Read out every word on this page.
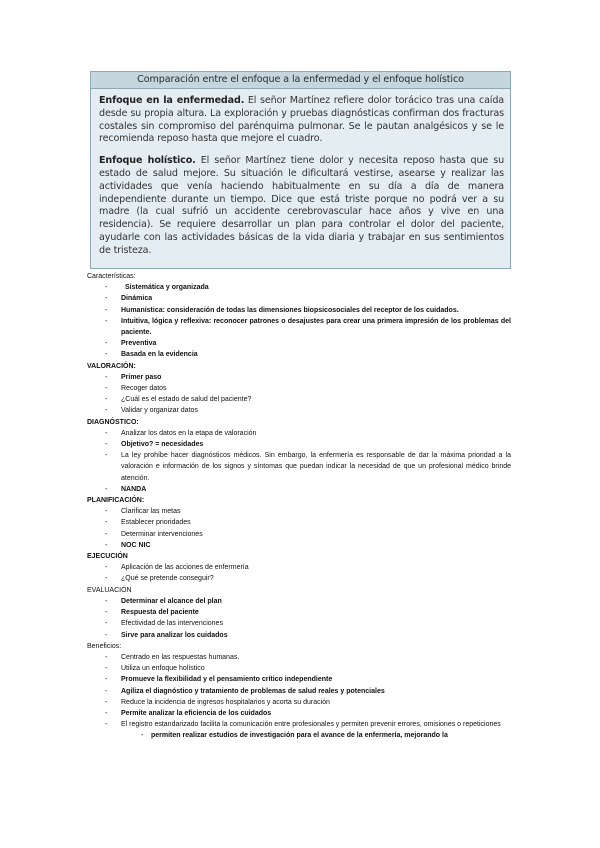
Comparación entre el enfoque a la enfermedad y el enfoque holístico

Enfoque en la enfermedad. El señor Martínez refiere dolor torácico tras una caída desde su propia altura. La exploración y pruebas diagnósticas confirman dos fracturas costales sin compromiso del parénquima pulmonar. Se le pautan analgésicos y se le recomienda reposo hasta que mejore el cuadro.

Enfoque holístico. El señor Martínez tiene dolor y necesita reposo hasta que su estado de salud mejore. Su situación le dificultará vestirse, asearse y realizar las actividades que venía haciendo habitualmente en su día a día de manera independiente durante un tiempo. Dice que está triste porque no podrá ver a su madre (la cual sufrió un accidente cerebrovascular hace años y vive en una residencia). Se requiere desarrollar un plan para controlar el dolor del paciente, ayudarle con las actividades básicas de la vida diaria y trabajar en sus sentimientos de tristeza.

Características:
-	Sistemática y organizada
- Dinámica
- Humanística: consideración de todas las dimensiones biopsicosociales del receptor de los cuidados.
- Intuitiva, lógica y reflexiva: reconocer patrones o desajustes para crear una primera impresión de los problemas del paciente.
- Preventiva
- Basada en la evidencia
VALORACIÓN:
- Primer paso
- Recoger datos
- ¿Cuál es el estado de salud del paciente?
- Validar y organizar datos
DIAGNÓSTICO:
- Analizar los datos en la etapa de valoración
- Objetivo? = necesidades
- La ley prohíbe hacer diagnósticos médicos. Sin embargo, la enfermería es responsable de dar la máxima prioridad a la valoración e información de los signos y síntomas que puedan indicar la necesidad de que un profesional médico brinde atención.
- NANDA
PLANIFICACIÓN:
- Clarificar las metas
- Establecer prioridades
- Determinar intervenciones
- NOC NIC
EJECUCIÓN
- Aplicación de las acciones de enfermería
- ¿Qué se pretende conseguir?
EVALUACIÓN
- Determinar el alcance del plan
- Respuesta del paciente
- Efectividad de las intervenciones
- Sirve para analizar los cuidados
Beneficios:
- Centrado en las respuestas humanas.
- Utiliza un enfoque holístico
- Promueve la flexibilidad y el pensamiento crítico independiente
- Agiliza el diagnóstico y tratamiento de problemas de salud reales y potenciales
- Reduce la incidencia de ingresos hospitalarios y acorta su duración
- Permite analizar la eficiencia de los cuidados
- El registro estandarizado facilita la comunicación entre profesionales y permiten prevenir errores, omisiones o repeticiones
- permiten realizar estudios de investigación para el avance de la enfermería, mejorando la
